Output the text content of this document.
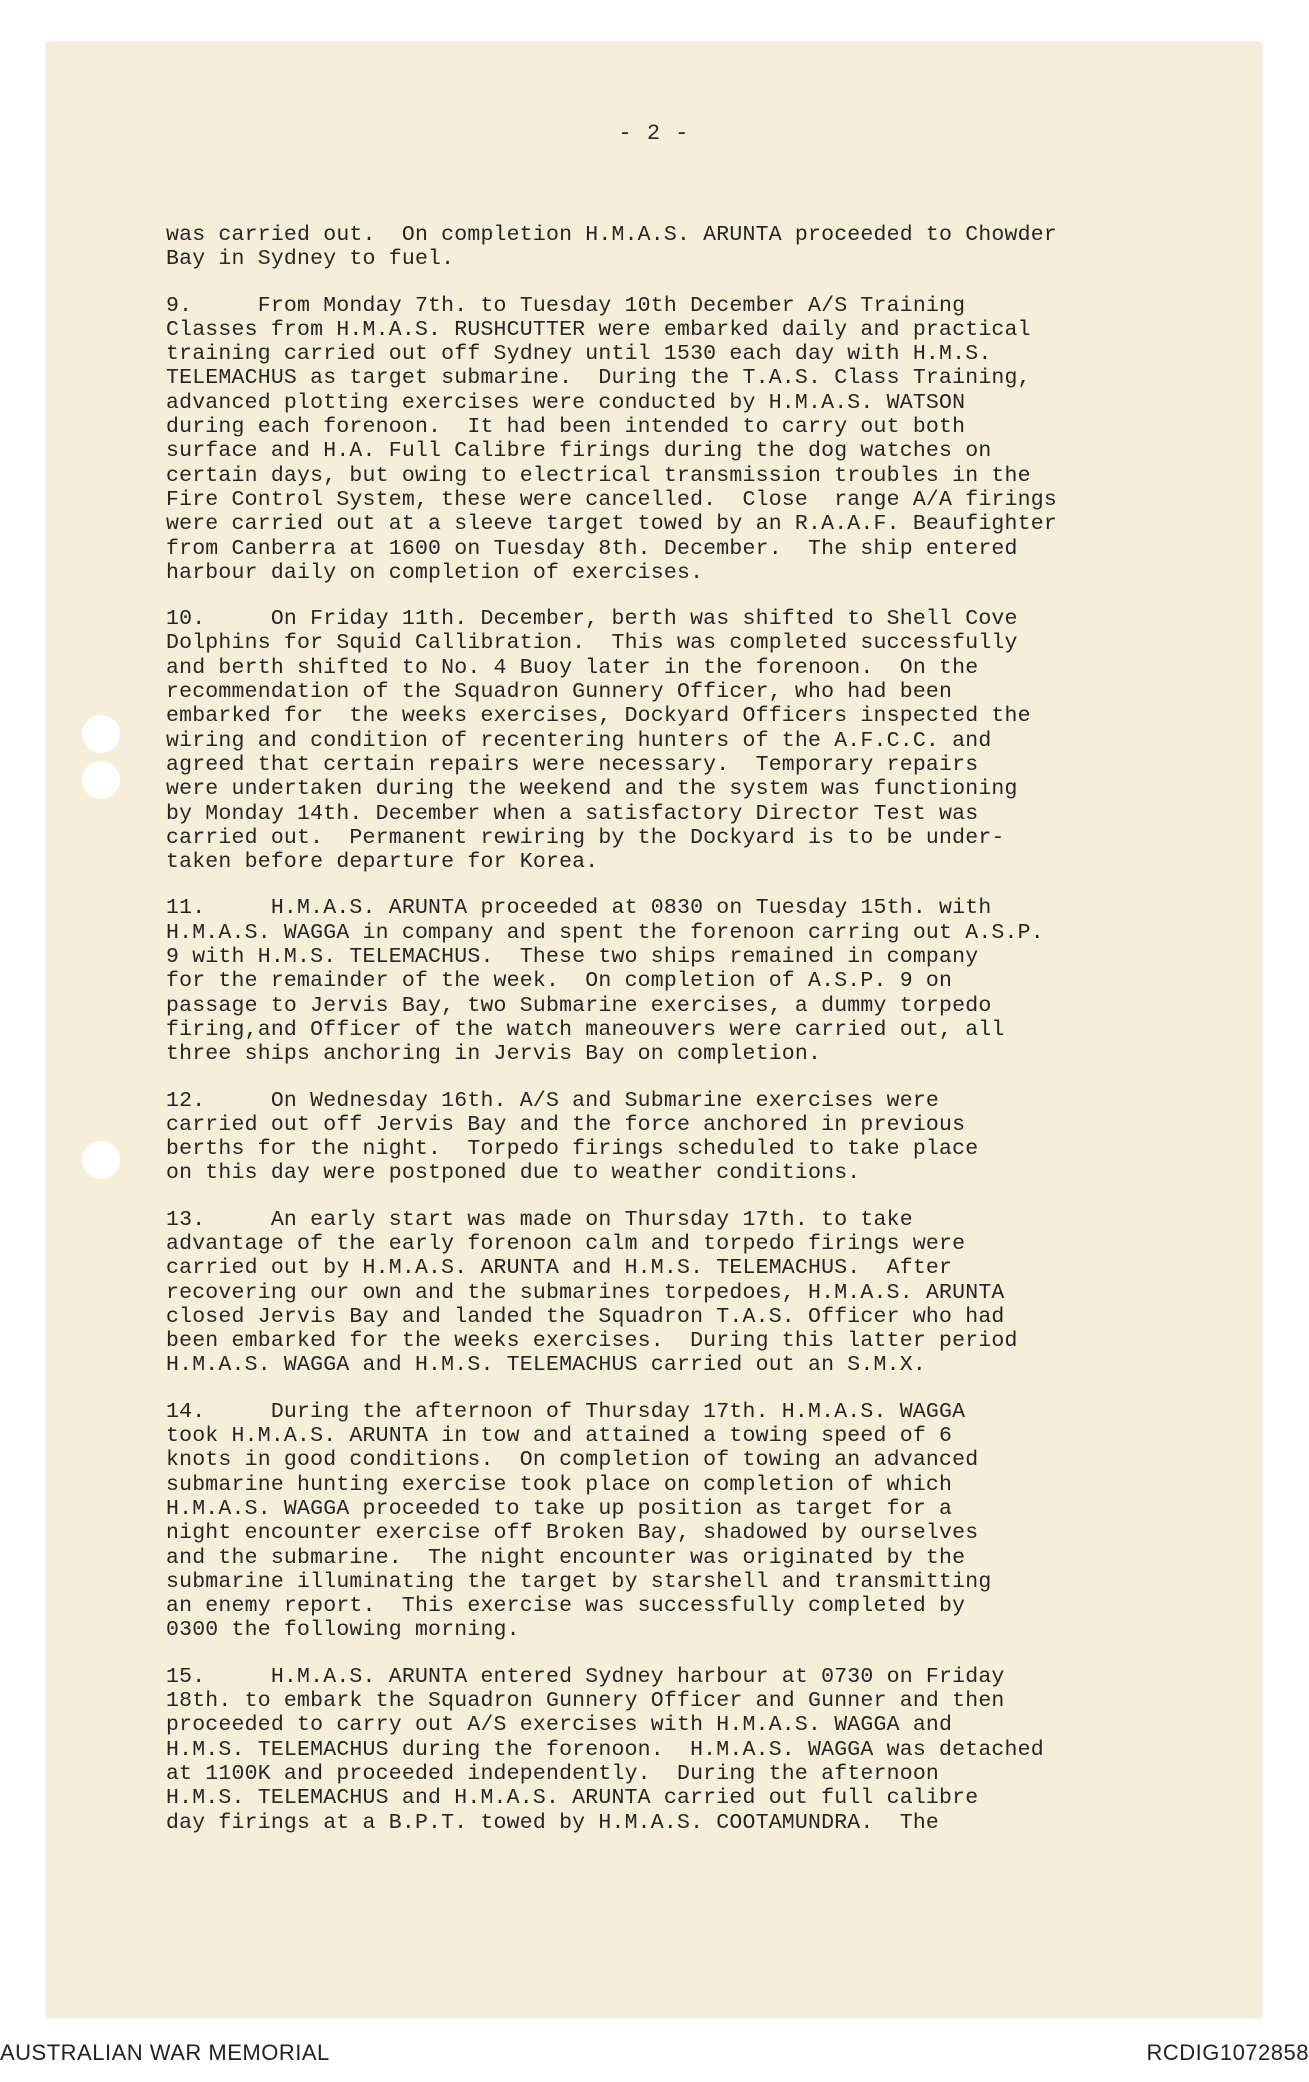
- 2 -
was carried out.  On completion H.M.A.S. ARUNTA proceeded to Chowder
Bay in Sydney to fuel.
9.     From Monday 7th. to Tuesday 10th December A/S Training
Classes from H.M.A.S. RUSHCUTTER were embarked daily and practical
training carried out off Sydney until 1530 each day with H.M.S.
TELEMACHUS as target submarine.  During the T.A.S. Class Training,
advanced plotting exercises were conducted by H.M.A.S. WATSON
during each forenoon.  It had been intended to carry out both
surface and H.A. Full Calibre firings during the dog watches on
certain days, but owing to electrical transmission troubles in the
Fire Control System, these were cancelled.  Close  range A/A firings
were carried out at a sleeve target towed by an R.A.A.F. Beaufighter
from Canberra at 1600 on Tuesday 8th. December.  The ship entered
harbour daily on completion of exercises.
10.     On Friday 11th. December, berth was shifted to Shell Cove
Dolphins for Squid Callibration.  This was completed successfully
and berth shifted to No. 4 Buoy later in the forenoon.  On the
recommendation of the Squadron Gunnery Officer, who had been
embarked for  the weeks exercises, Dockyard Officers inspected the
wiring and condition of recentering hunters of the A.F.C.C. and
agreed that certain repairs were necessary.  Temporary repairs
were undertaken during the weekend and the system was functioning
by Monday 14th. December when a satisfactory Director Test was
carried out.  Permanent rewiring by the Dockyard is to be under-
taken before departure for Korea.
11.     H.M.A.S. ARUNTA proceeded at 0830 on Tuesday 15th. with
H.M.A.S. WAGGA in company and spent the forenoon carring out A.S.P.
9 with H.M.S. TELEMACHUS.  These two ships remained in company
for the remainder of the week.  On completion of A.S.P. 9 on
passage to Jervis Bay, two Submarine exercises, a dummy torpedo
firing,and Officer of the watch maneouvers were carried out, all
three ships anchoring in Jervis Bay on completion.
12.     On Wednesday 16th. A/S and Submarine exercises were
carried out off Jervis Bay and the force anchored in previous
berths for the night.  Torpedo firings scheduled to take place
on this day were postponed due to weather conditions.
13.     An early start was made on Thursday 17th. to take
advantage of the early forenoon calm and torpedo firings were
carried out by H.M.A.S. ARUNTA and H.M.S. TELEMACHUS.  After
recovering our own and the submarines torpedoes, H.M.A.S. ARUNTA
closed Jervis Bay and landed the Squadron T.A.S. Officer who had
been embarked for the weeks exercises.  During this latter period
H.M.A.S. WAGGA and H.M.S. TELEMACHUS carried out an S.M.X.
14.     During the afternoon of Thursday 17th. H.M.A.S. WAGGA
took H.M.A.S. ARUNTA in tow and attained a towing speed of 6
knots in good conditions.  On completion of towing an advanced
submarine hunting exercise took place on completion of which
H.M.A.S. WAGGA proceeded to take up position as target for a
night encounter exercise off Broken Bay, shadowed by ourselves
and the submarine.  The night encounter was originated by the
submarine illuminating the target by starshell and transmitting
an enemy report.  This exercise was successfully completed by
0300 the following morning.
15.     H.M.A.S. ARUNTA entered Sydney harbour at 0730 on Friday
18th. to embark the Squadron Gunnery Officer and Gunner and then
proceeded to carry out A/S exercises with H.M.A.S. WAGGA and
H.M.S. TELEMACHUS during the forenoon.  H.M.A.S. WAGGA was detached
at 1100K and proceeded independently.  During the afternoon
H.M.S. TELEMACHUS and H.M.A.S. ARUNTA carried out full calibre
day firings at a B.P.T. towed by H.M.A.S. COOTAMUNDRA.  The
AUSTRALIAN WAR MEMORIAL	RCDIG1072858
